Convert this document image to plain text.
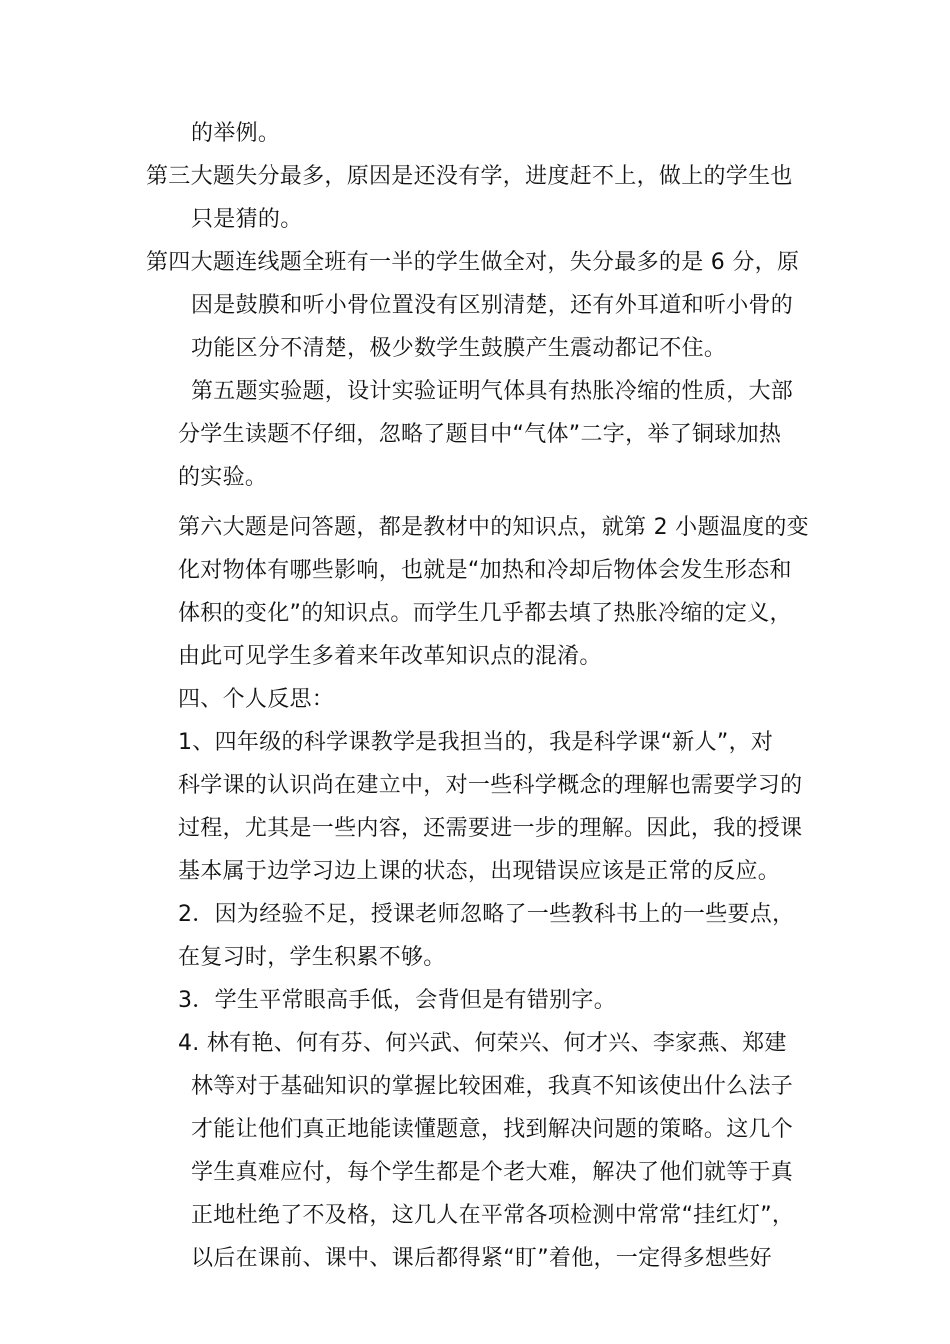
的举例。
第三大题失分最多，原因是还没有学，进度赶不上，做上的学生也
只是猜的。
第四大题连线题全班有一半的学生做全对，失分最多的是 6 分，原
因是鼓膜和听小骨位置没有区别清楚，还有外耳道和听小骨的
功能区分不清楚，极少数学生鼓膜产生震动都记不住。
第五题实验题，设计实验证明气体具有热胀冷缩的性质，大部
分学生读题不仔细，忽略了题目中“气体”二字，举了铜球加热
的实验。
第六大题是问答题，都是教材中的知识点，就第 2 小题温度的变
化对物体有哪些影响，也就是“加热和冷却后物体会发生形态和
体积的变化”的知识点。而学生几乎都去填了热胀冷缩的定义，
由此可见学生多着来年改革知识点的混淆。
四、个人反思：
1、四年级的科学课教学是我担当的，我是科学课“新人”，对
科学课的认识尚在建立中，对一些科学概念的理解也需要学习的
过程，尤其是一些内容，还需要进一步的理解。因此，我的授课
基本属于边学习边上课的状态，出现错误应该是正常的反应。
2．因为经验不足，授课老师忽略了一些教科书上的一些要点，
在复习时，学生积累不够。
3．学生平常眼高手低，会背但是有错别字。
4. 林有艳、何有芬、何兴武、何荣兴、何才兴、李家燕、郑建
林等对于基础知识的掌握比较困难，我真不知该使出什么法子
才能让他们真正地能读懂题意，找到解决问题的策略。这几个
学生真难应付，每个学生都是个老大难，解决了他们就等于真
正地杜绝了不及格，这几人在平常各项检测中常常“挂红灯”，
以后在课前、课中、课后都得紧“盯”着他，一定得多想些好
